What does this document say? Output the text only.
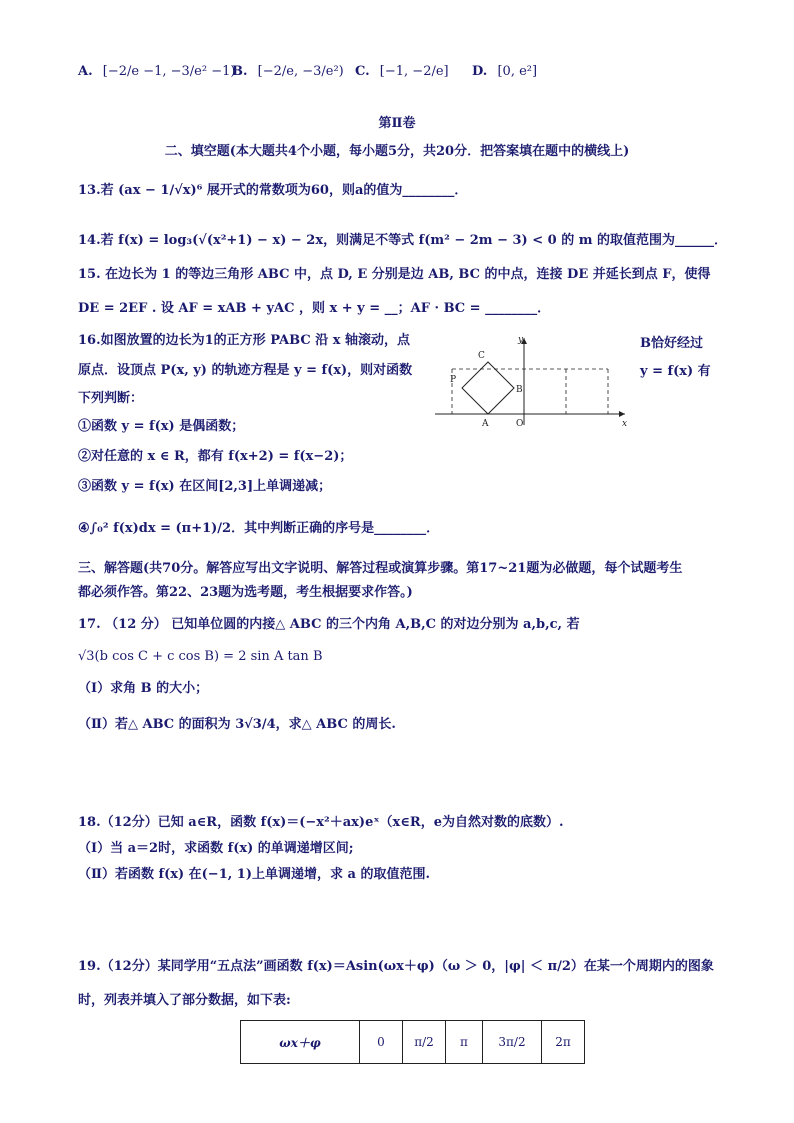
A. [−2/e −1, −3/e² −1)
B. [−2/e, −3/e²) C. [−1, −2/e] D. [0, e²]
第Ⅱ卷
二、填空题(本大题共4个小题，每小题5分，共20分．把答案填在题中的横线上)
13.若 (ax − 1/√x)⁶ 展开式的常数项为60，则a的值为________．
14.若 f(x) = log₃(√(x²+1) − x) − 2x，则满足不等式 f(m² − 2m − 3) < 0 的 m 的取值范围为______．
15. 在边长为 1 的等边三角形 ABC 中，点 D, E 分别是边 AB, BC 的中点，连接 DE 并延长到点 F，使得
DE = 2EF . 设 AF = xAB + yAC ，则 x + y = __；AF · BC = ________．
16.如图放置的边长为1的正方形 PABC 沿 x 轴滚动，点	B恰好经过
原点．设顶点 P(x, y) 的轨迹方程是 y = f(x)，则对函数	y = f(x) 有
下列判断：
C
P
B
A	O
y
x
①函数 y = f(x) 是偶函数；
②对任意的 x ∈ R，都有 f(x+2) = f(x−2)；
③函数 y = f(x) 在区间[2,3]上单调递减；
④∫₀² f(x)dx = (π+1)/2．其中判断正确的序号是________．
三、解答题(共70分。解答应写出文字说明、解答过程或演算步骤。第17~21题为必做题，每个试题考生
都必须作答。第22、23题为选考题，考生根据要求作答。)
17. （12 分） 已知单位圆的内接△ ABC 的三个内角 A,B,C 的对边分别为 a,b,c, 若
√3(b cos C + c cos B) = 2 sin A tan B
（Ⅰ）求角 B 的大小；
（Ⅱ）若△ ABC 的面积为 3√3/4，求△ ABC 的周长.
18.（12分）已知 a∈R，函数 f(x)＝(−x²＋ax)eˣ（x∈R，e为自然对数的底数）.
（Ⅰ）当 a＝2时，求函数 f(x) 的单调递增区间;
（Ⅱ）若函数 f(x) 在(−1, 1)上单调递增，求 a 的取值范围.
19.（12分）某同学用“五点法”画函数 f(x)＝Asin(ωx＋φ)（ω ＞ 0，|φ| ＜ π/2）在某一个周期内的图象
时，列表并填入了部分数据，如下表:
ωx＋φ	0	π/2	π	3π/2	2π
